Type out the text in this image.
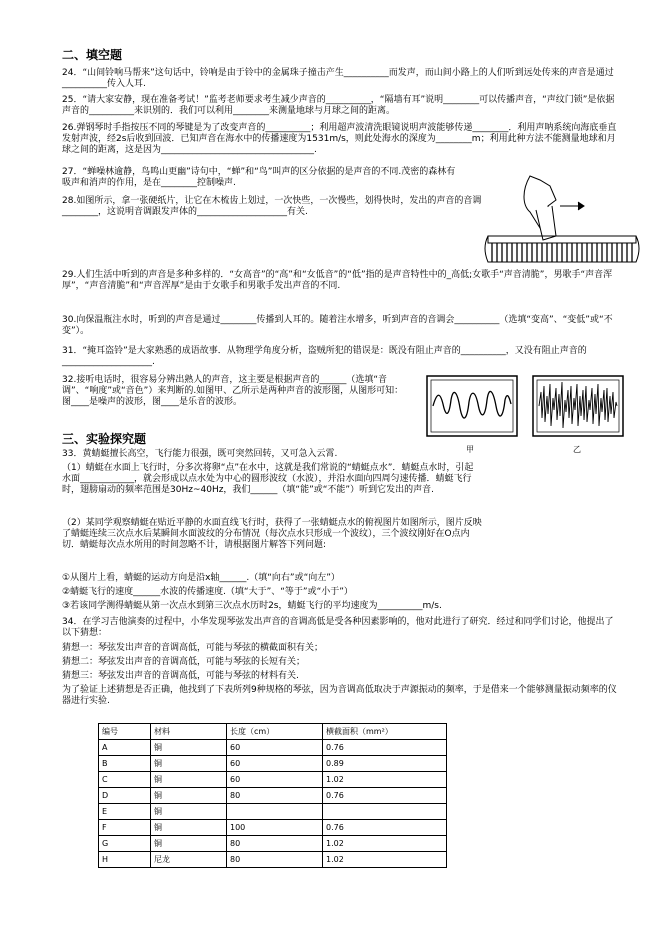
二、填空题
24．“山间铃响马帮来”这句话中，铃响是由于铃中的金属珠子撞击产生__________而发声，而山间小路上的人们听到远处传来的声音是通过__________传入人耳.
25．“请大家安静，现在准备考试！”监考老师要求考生减少声音的__________，“隔墙有耳”说明________可以传播声音，“声纹门锁”是依据声音的__________来识别的．我们可以利用________来测量地球与月球之间的距离。
26.弹钢琴时手指按压不同的琴键是为了改变声音的__________；利用超声波清洗眼镜说明声波能够传递________．利用声呐系统向海底垂直发射声波，经2s后收到回波．已知声音在海水中的传播速度为1531m/s，则此处海水的深度为________m；利用此种方法不能测量地球和月球之间的距离，这是因为__________________________________.
27．“蝉噪林逾静，鸟鸣山更幽”诗句中，“蝉”和“鸟”叫声的区分依据的是声音的不同.茂密的森林有吸声和消声的作用，是在________控制噪声.
28.如图所示，拿一张硬纸片，让它在木梳齿上划过，一次快些，一次慢些，划得快时，发出的声音的音调________，这说明音调跟发声体的____________________有关.
29.人们生活中听到的声音是多种多样的．“女高音”的“高”和“女低音”的“低”指的是声音特性中的_高低;女歌手“声音清脆”，男歌手“声音浑厚”，“声音清脆”和“声音浑厚”是由于女歌手和男歌手发出声音的不同.
30.向保温瓶注水时，听到的声音是通过________传播到人耳的。随着注水增多，听到声音的音调会__________（选填“变高”、“变低”或“不变”）。
31．“掩耳盗铃”是大家熟悉的成语故事．从物理学角度分析，盗贼所犯的错误是：既没有阻止声音的__________，又没有阻止声音的____________________.
32.接听电话时，很容易分辨出熟人的声音，这主要是根据声音的______（选填“音调”、“响度”或“音色”）来判断的.如图甲、乙所示是两种声音的波形图，从图形可知：图____是噪声的波形，图____是乐音的波形。
甲	乙
三、实验探究题
33．黄蜻蜓擅长高空，飞行能力很强，既可突然回转，又可急入云霄.
（1）蜻蜓在水面上飞行时，分多次将卵“点”在水中，这就是我们常说的“蜻蜓点水”．蜻蜓点水时，引起水面____________，就会形成以点水处为中心的圆形波纹（水波），并沿水面向四周匀速传播．蜻蜓飞行时，翅膀扇动的频率范围是30Hz~40Hz，我们______（填“能”或“不能”）听到它发出的声音.
（2）某同学观察蜻蜓在贴近平静的水面直线飞行时，获得了一张蜻蜓点水的俯视图片如图所示，图片反映了蜻蜓连续三次点水后某瞬间水面波纹的分布情况（每次点水只形成一个波纹），三个波纹刚好在O点内切．蜻蜓每次点水所用的时间忽略不计，请根据图片解答下列问题:
①从图片上看，蜻蜓的运动方向是沿x轴______.（填“向右”或“向左”）
②蜻蜓飞行的速度______水波的传播速度.（填“大于”、“等于”或“小于”）
③若该同学测得蜻蜓从第一次点水到第三次点水历时2s，蜻蜓飞行的平均速度为__________m/s.
34．在学习吉他演奏的过程中，小华发现琴弦发出声音的音调高低是受各种因素影响的，他对此进行了研究．经过和同学们讨论，他提出了以下猜想：
猜想一：琴弦发出声音的音调高低，可能与琴弦的横截面积有关；
猜想二：琴弦发出声音的音调高低，可能与琴弦的长短有关；
猜想三：琴弦发出声音的音调高低，可能与琴弦的材料有关.
为了验证上述猜想是否正确，他找到了下表所列9种规格的琴弦，因为音调高低取决于声源振动的频率，于是借来一个能够测量振动频率的仪器进行实验.
编号	材料	长度（cm）	横截面积（mm²）
A	铜	60	0.76
B	铜	60	0.89
C	铜	60	1.02
D	铜	80	0.76
E	铜		
F	铜	100	0.76
G	铜	80	1.02
H	尼龙	80	1.02
